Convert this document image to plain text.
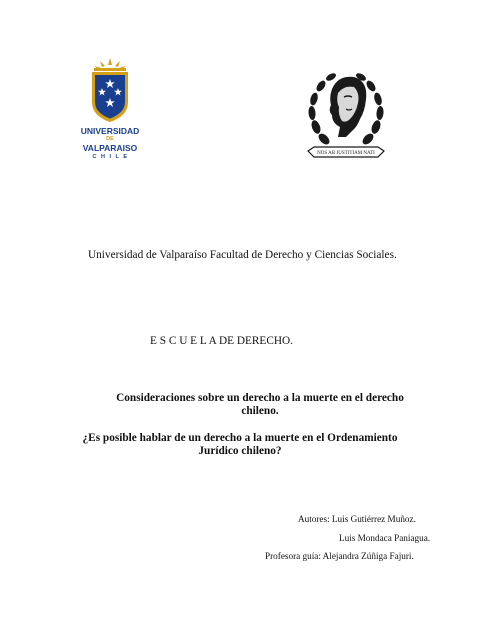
UNIVERSIDAD
DE
VALPARAISO
CHILE
NOS AB JUSTITIAM NATI
Universidad de Valparaíso Facultad de Derecho y Ciencias Sociales.
E S C U E L A DE DERECHO.
Consideraciones sobre un derecho a la muerte en el derecho chileno.
¿Es posible hablar de un derecho a la muerte en el Ordenamiento Jurídico chileno?
Autores: Luis Gutiérrez Muñoz.
Luis Mondaca Paniagua.
Profesora guía: Alejandra Zúñiga Fajuri.
